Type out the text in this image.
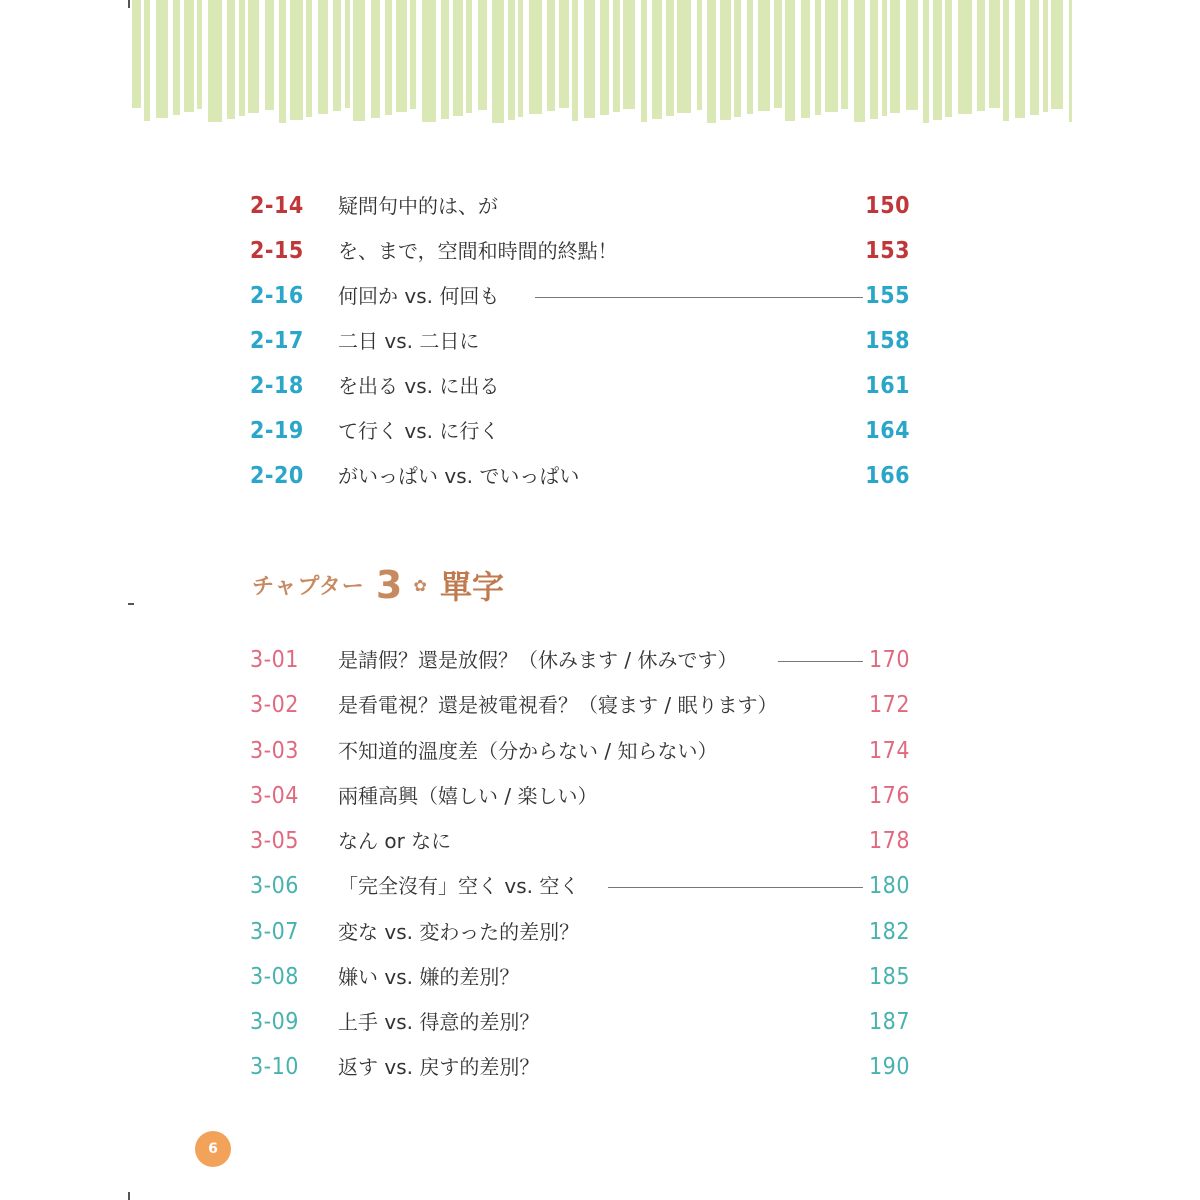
2-14 疑問句中的は、が	150
2-15 を、まで，空間和時間的終點！	153
2-16 何回か vs. 何回も	155
2-17 二日 vs. 二日に	158
2-18 を出る vs. に出る	161
2-19 て行く vs. に行く	164
2-20 がいっぱい vs. でいっぱい	166
チャプター 3 ✿ 單字
3-01 是請假？還是放假？（休みます / 休みです）	170
3-02 是看電視？還是被電視看？（寝ます / 眠ります）	172
3-03 不知道的溫度差（分からない / 知らない）	174
3-04 兩種高興（嬉しい / 楽しい）	176
3-05 なん or なに	178
3-06 「完全沒有」空く vs. 空く	180
3-07 変な vs. 変わった的差別？	182
3-08 嫌い vs. 嫌的差別？	185
3-09 上手 vs. 得意的差別？	187
3-10 返す vs. 戻す的差別？	190
6
